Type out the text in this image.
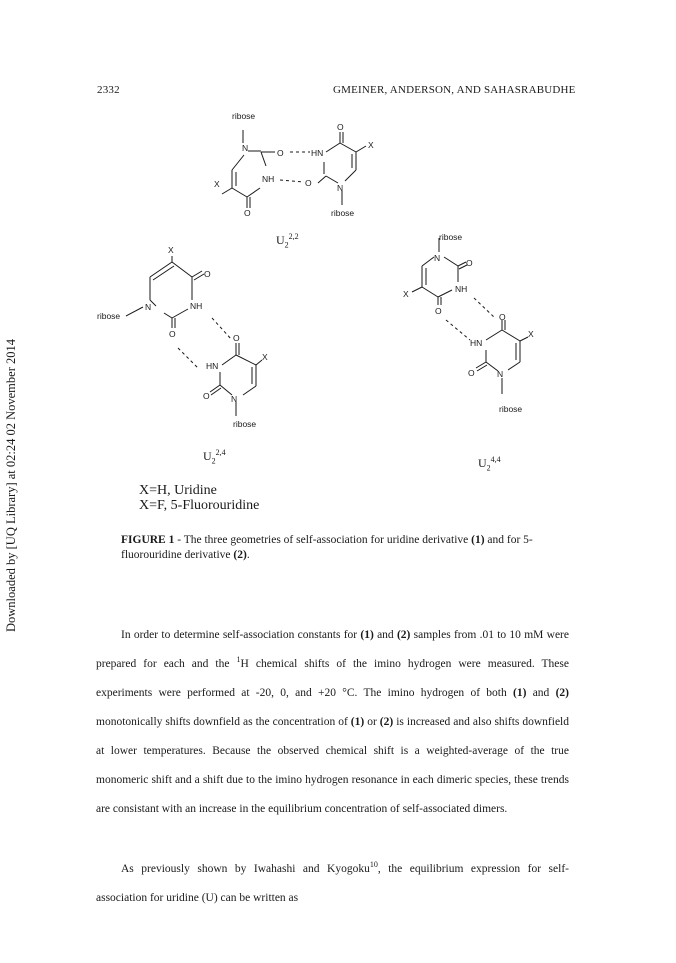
2332	GMEINER, ANDERSON, AND SAHASRABUDHE
Downloaded by [UQ Library] at 02:24 02 November 2014
ribose
N	O	HN
O
X
X	NH	O	N
O	ribose
X
O
ribose
N	NH
O	O
X
HN
O	N
ribose
ribose
N	O
NH
X
O
O
X
HN
O	N
ribose
$U_2^{2,2}$
$U_2^{2,4}$
$U_2^{4,4}$
X=H, Uridine
X=F, 5-Fluorouridine
FIGURE 1 - The three geometries of self-association for uridine derivative (1) and for 5-fluorouridine derivative (2).

In order to determine self-association constants for (1) and (2) samples from .01 to 10 mM were prepared for each and the $^1$H chemical shifts of the imino hydrogen were measured. These experiments were performed at -20, 0, and +20 °C. The imino hydrogen of both (1) and (2) monotonically shifts downfield as the concentration of (1) or (2) is increased and also shifts downfield at lower temperatures. Because the observed chemical shift is a weighted-average of the true monomeric shift and a shift due to the imino hydrogen resonance in each dimeric species, these trends are consistant with an increase in the equilibrium concentration of self-associated dimers.

As previously shown by Iwahashi and Kyogoku$^{10}$, the equilibrium expression for self-association for uridine (U) can be written as
